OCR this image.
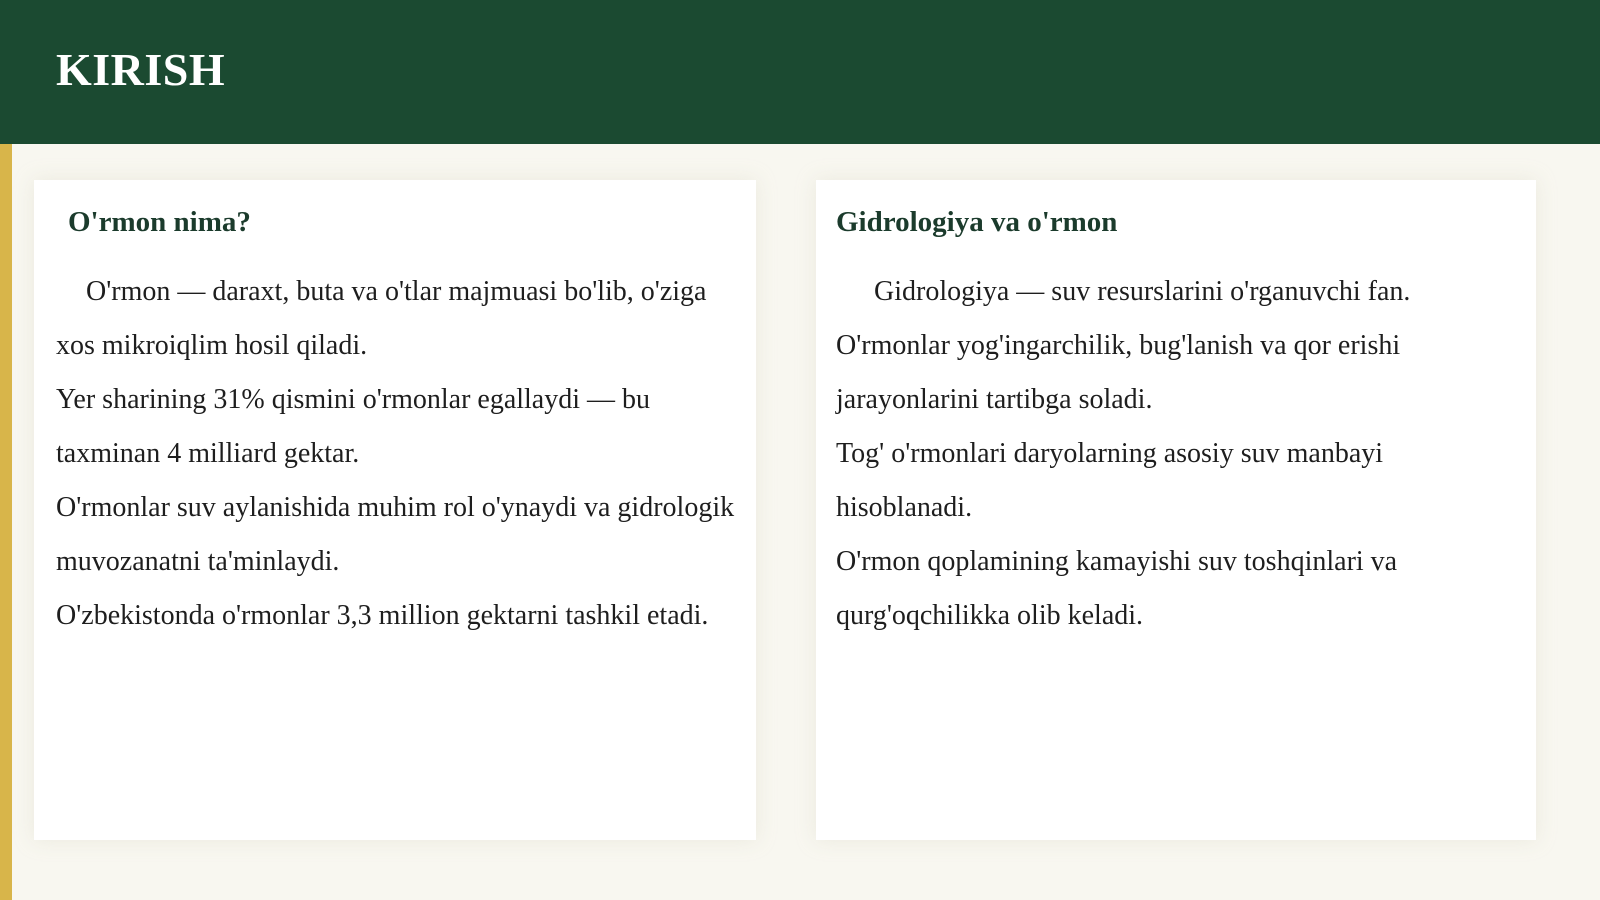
KIRISH
O'rmon nima?

O'rmon — daraxt, buta va o'tlar majmuasi bo'lib, o'ziga xos mikroiqlim hosil qiladi.

Yer sharining 31% qismini o'rmonlar egallaydi — bu taxminan 4 milliard gektar.

O'rmonlar suv aylanishida muhim rol o'ynaydi va gidrologik muvozanatni ta'minlaydi.

O'zbekistonda o'rmonlar 3,3 million gektarni tashkil etadi.

Gidrologiya va o'rmon

Gidrologiya — suv resurslarini o'rganuvchi fan.

O'rmonlar yog'ingarchilik, bug'lanish va qor erishi jarayonlarini tartibga soladi.

Tog' o'rmonlari daryolarning asosiy suv manbayi hisoblanadi.

O'rmon qoplamining kamayishi suv toshqinlari va qurg'oqchilikka olib keladi.
